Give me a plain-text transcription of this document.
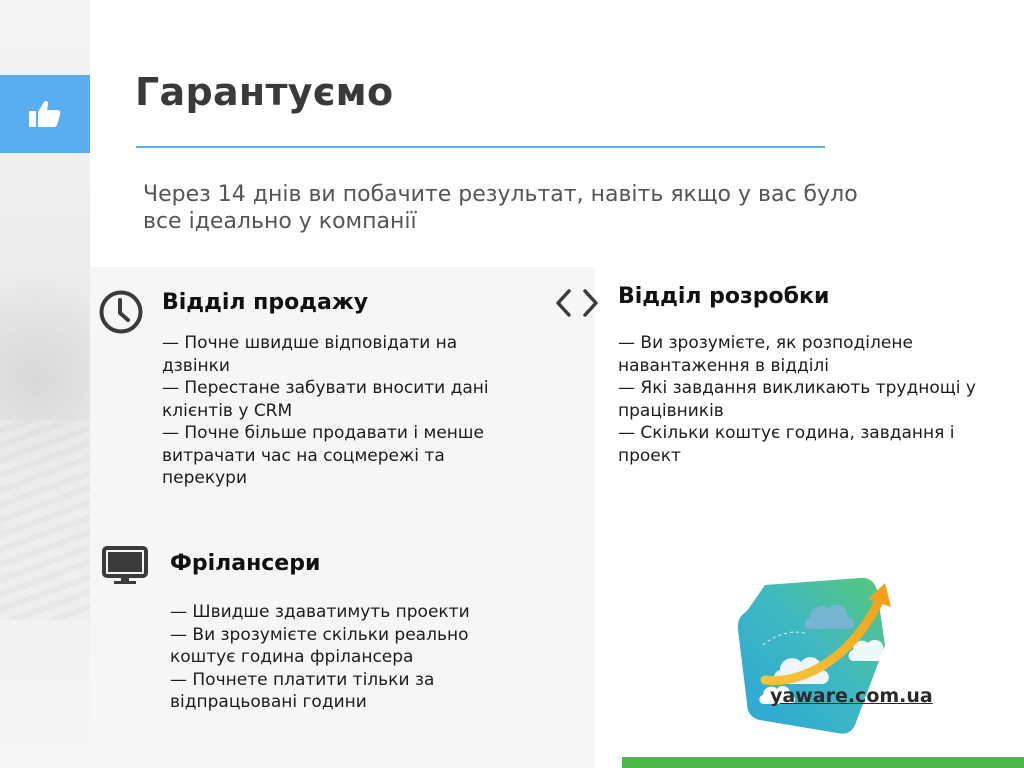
Гарантуємо
Через 14 днів ви побачите результат, навіть якщо у вас було все ідеально у компанії
Відділ продажу
— Почне швидше відповідати на дзвінки
— Перестане забувати вносити дані клієнтів у CRM
— Почне більше продавати і менше витрачати час на соцмережі та перекури
Відділ розробки
— Ви зрозумієте, як розподілене навантаження в відділі
— Які завдання викликають труднощі у працівників
— Скільки коштує година, завдання і проект
Фрілансери
— Швидше здаватимуть проекти
— Ви зрозумієте скільки реально коштує година фрілансера
— Почнете платити тільки за відпрацьовані години	yaware.com.ua
